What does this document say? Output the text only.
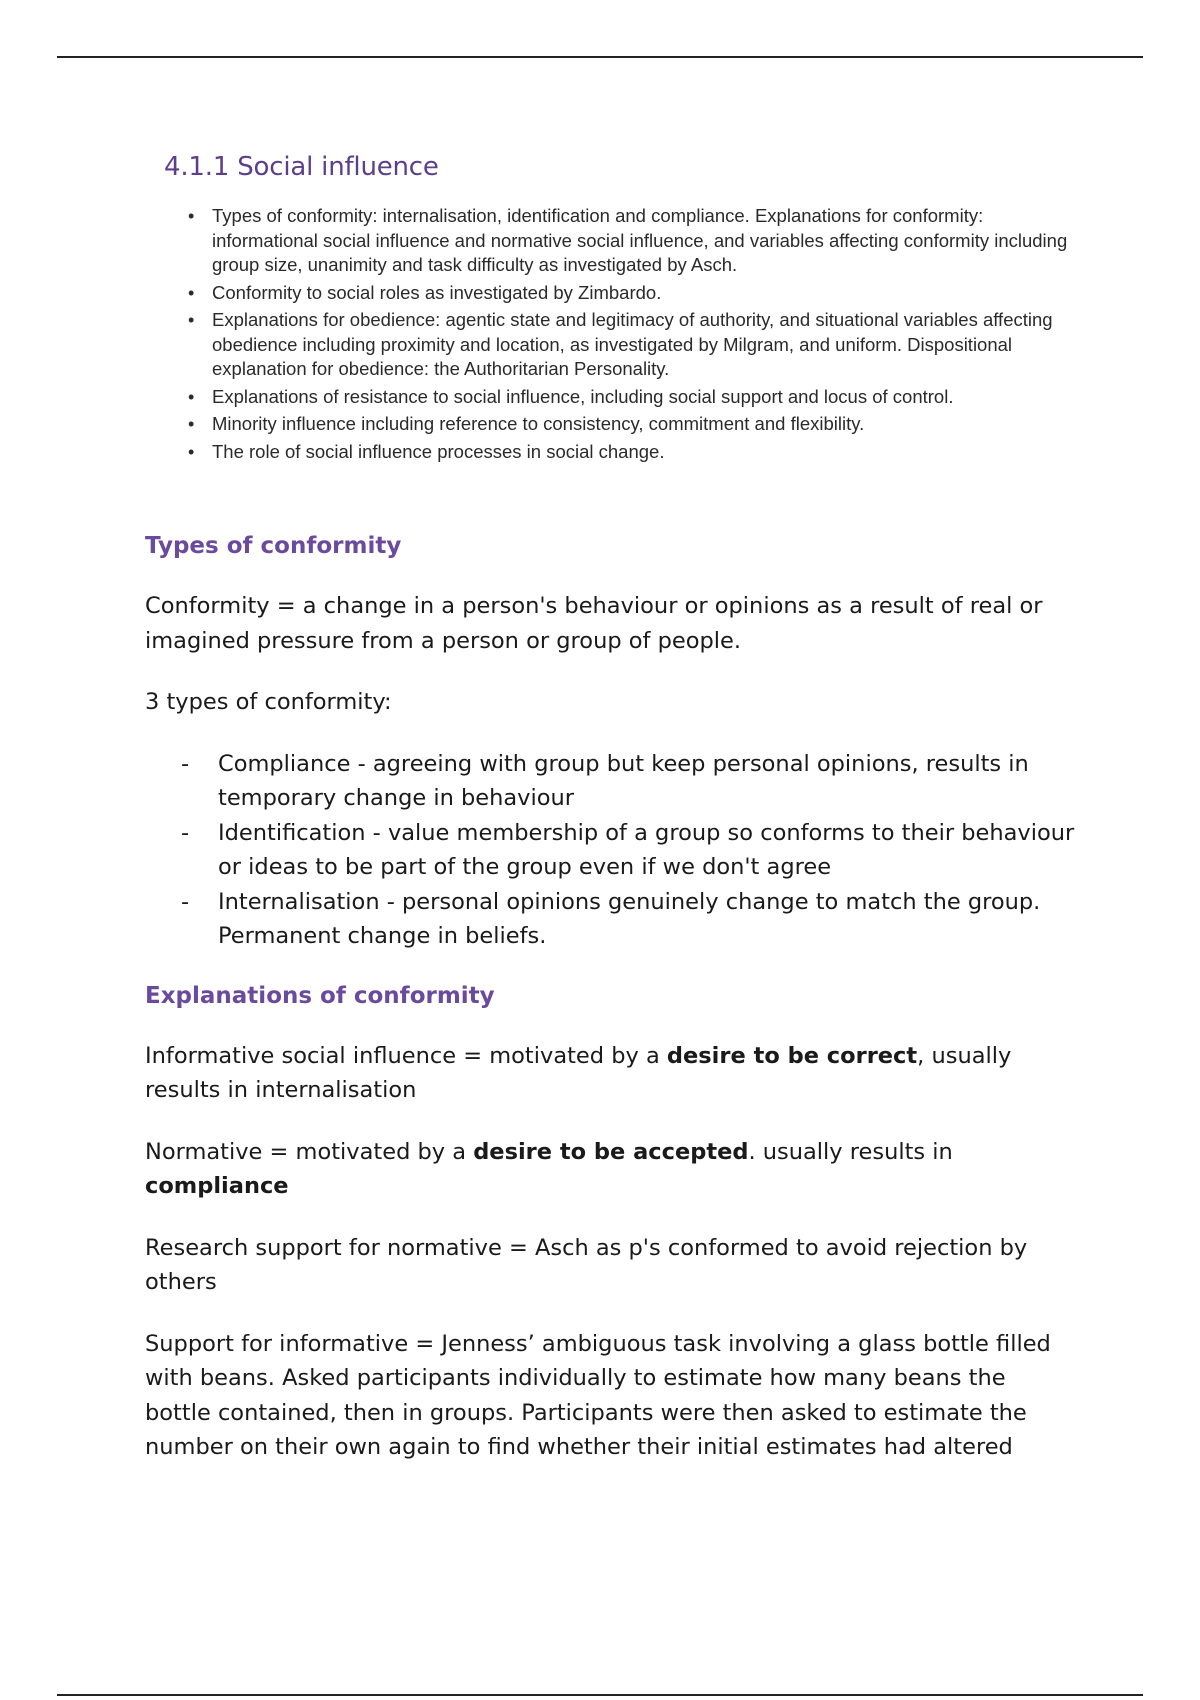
4.1.1 Social influence
• Types of conformity: internalisation, identification and compliance. Explanations for conformity: informational social influence and normative social influence, and variables affecting conformity including group size, unanimity and task difficulty as investigated by Asch.
• Conformity to social roles as investigated by Zimbardo.
• Explanations for obedience: agentic state and legitimacy of authority, and situational variables affecting obedience including proximity and location, as investigated by Milgram, and uniform. Dispositional explanation for obedience: the Authoritarian Personality.
• Explanations of resistance to social influence, including social support and locus of control.
• Minority influence including reference to consistency, commitment and flexibility.
• The role of social influence processes in social change.
Types of conformity

Conformity = a change in a person's behaviour or opinions as a result of real or imagined pressure from a person or group of people.

3 types of conformity:

- Compliance - agreeing with group but keep personal opinions, results in temporary change in behaviour
- Identification - value membership of a group so conforms to their behaviour or ideas to be part of the group even if we don't agree
- Internalisation - personal opinions genuinely change to match the group. Permanent change in beliefs.
Explanations of conformity

Informative social influence = motivated by a desire to be correct, usually results in internalisation

Normative = motivated by a desire to be accepted. usually results in compliance

Research support for normative = Asch as p's conformed to avoid rejection by others

Support for informative = Jenness’ ambiguous task involving a glass bottle filled with beans. Asked participants individually to estimate how many beans the bottle contained, then in groups. Participants were then asked to estimate the number on their own again to find whether their initial estimates had altered
